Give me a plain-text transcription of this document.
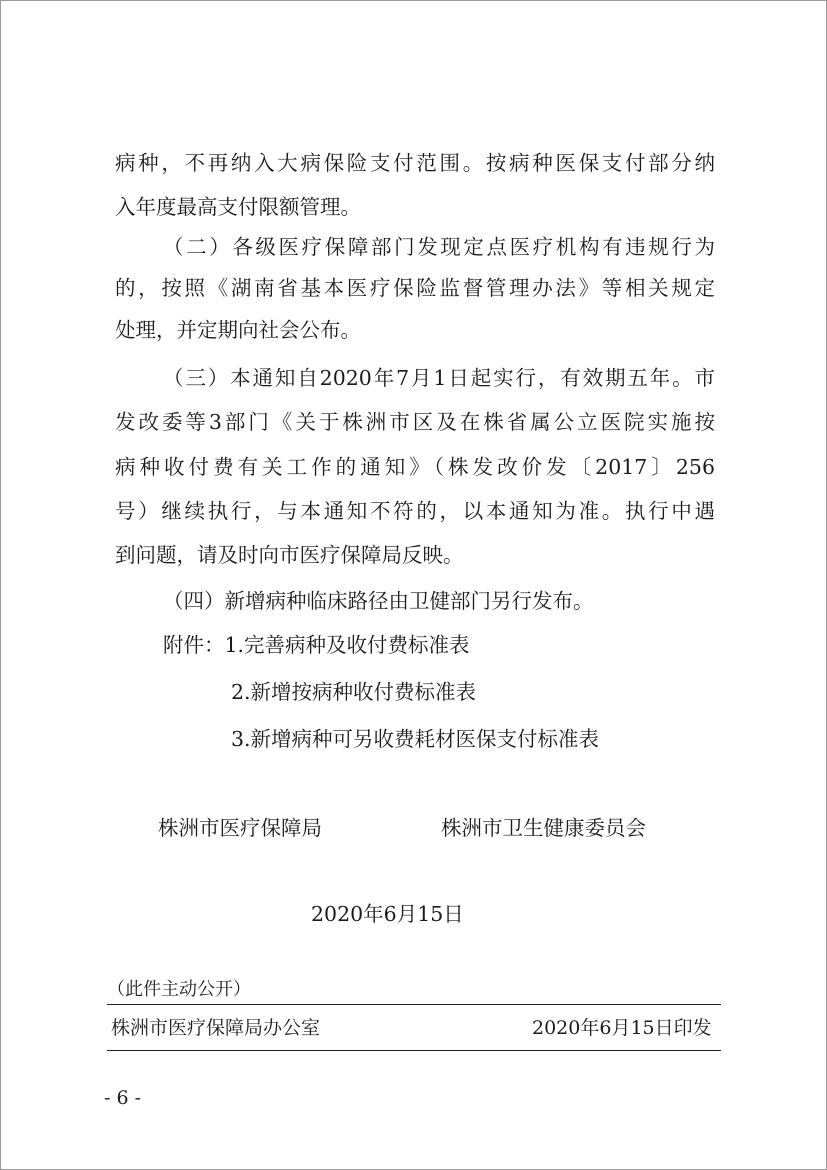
病种，不再纳入大病保险支付范围。按病种医保支付部分纳
入年度最高支付限额管理。
（二）各级医疗保障部门发现定点医疗机构有违规行为
的，按照《湖南省基本医疗保险监督管理办法》等相关规定
处理，并定期向社会公布。
（三）本通知自2020年7月1日起实行，有效期五年。市
发改委等3部门《关于株洲市区及在株省属公立医院实施按
病种收付费有关工作的通知》（株发改价发〔2017〕256
号）继续执行，与本通知不符的，以本通知为准。执行中遇
到问题，请及时向市医疗保障局反映。
（四）新增病种临床路径由卫健部门另行发布。
附件：1.完善病种及收付费标准表
2.新增按病种收付费标准表
3.新增病种可另收费耗材医保支付标准表
株洲市医疗保障局	株洲市卫生健康委员会
2020年6月15日
（此件主动公开）
株洲市医疗保障局办公室	2020年6月15日印发
- 6 -
